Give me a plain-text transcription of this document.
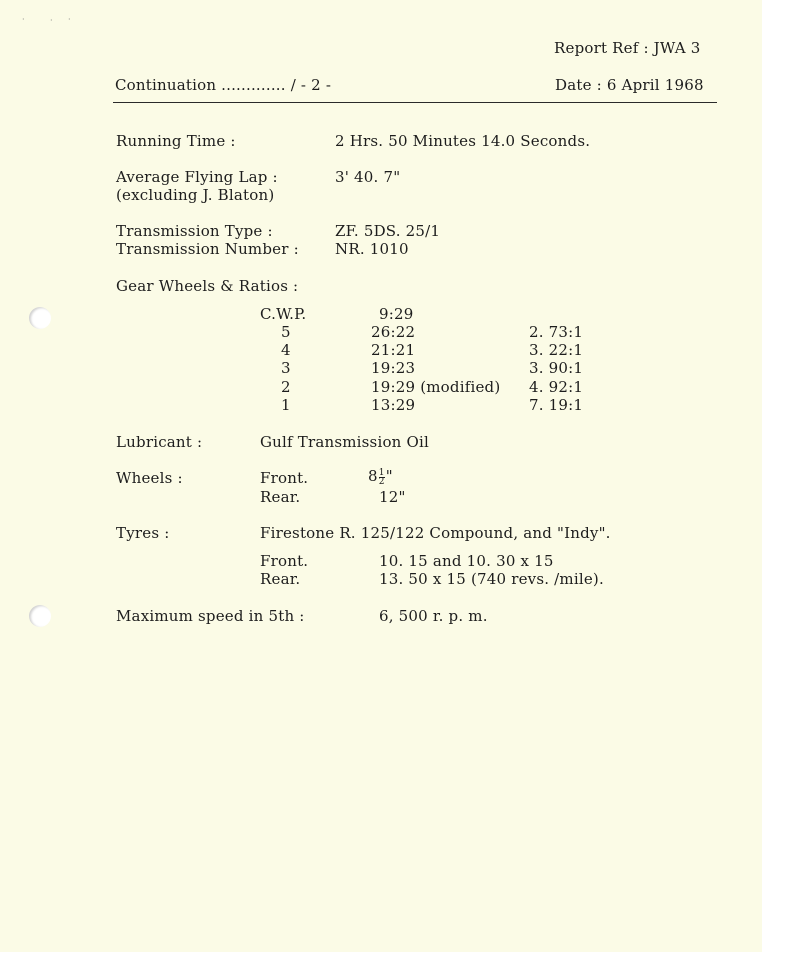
·	· ·
Report Ref : JWA 3
Continuation ............. / - 2 -	Date : 6 April 1968
Running Time :	2 Hrs. 50 Minutes 14.0 Seconds.
Average Flying Lap :
(excluding J. Blaton)
3' 40. 7"
Transmission Type :	ZF. 5DS. 25/1
Transmission Number : NR. 1010
Gear Wheels & Ratios :
C.W.P.	9:29
5	26:22	2. 73:1
4	21:21	3. 22:1
3	19:23	3. 90:1
2	19:29 (modified) 4. 92:1
1	13:29	7. 19:1
Lubricant :	Gulf Transmission Oil
Wheels :	Front.	$8 \frac{1}{2}$ "
Rear.	12"
Tyres :	Firestone R. 125/122 Compound, and "Indy".
Front.	10. 15 and 10. 30 x 15
Rear.	13. 50 x 15 (740 revs. /mile).
Maximum speed in 5th :	6, 500 r. p. m.
